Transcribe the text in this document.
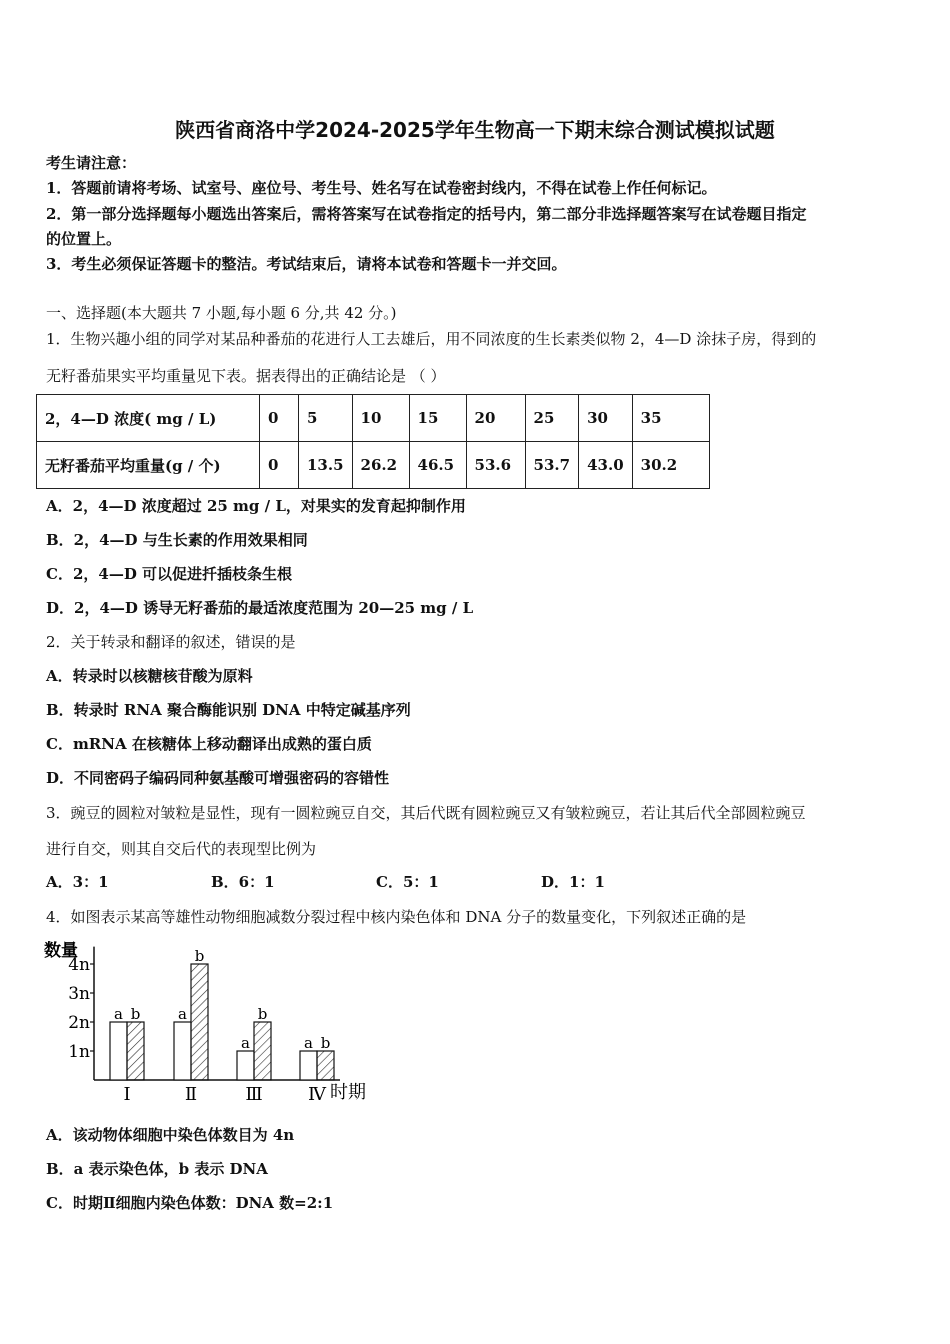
陕西省商洛中学2024-2025学年生物高一下期末综合测试模拟试题
考生请注意：
1．答题前请将考场、试室号、座位号、考生号、姓名写在试卷密封线内，不得在试卷上作任何标记。
2．第一部分选择题每小题选出答案后，需将答案写在试卷指定的括号内，第二部分非选择题答案写在试卷题目指定
的位置上。
3．考生必须保证答题卡的整洁。考试结束后，请将本试卷和答题卡一并交回。
一、选择题(本大题共 7 小题,每小题 6 分,共 42 分。)
1．生物兴趣小组的同学对某品种番茄的花进行人工去雄后，用不同浓度的生长素类似物 2，4—D 涂抹子房，得到的
无籽番茄果实平均重量见下表。据表得出的正确结论是 （ ）
2，4—D 浓度( mg / L)	0	5	10	15	20	25	30	35
无籽番茄平均重量(g / 个)	0	13.5	26.2	46.5	53.6	53.7	43.0	30.2
A．2，4—D 浓度超过 25 mg / L，对果实的发育起抑制作用
B．2，4—D 与生长素的作用效果相同
C．2，4—D 可以促进扦插枝条生根
D．2，4—D 诱导无籽番茄的最适浓度范围为 20—25 mg / L
2．关于转录和翻译的叙述，错误的是
A．转录时以核糖核苷酸为原料
B．转录时 RNA 聚合酶能识别 DNA 中特定碱基序列
C．mRNA 在核糖体上移动翻译出成熟的蛋白质
D．不同密码子编码同种氨基酸可增强密码的容错性
3．豌豆的圆粒对皱粒是显性，现有一圆粒豌豆自交，其后代既有圆粒豌豆又有皱粒豌豆，若让其后代全部圆粒豌豆
进行自交，则其自交后代的表现型比例为
A．3：1	B．6：1	C．5：1	D．1：1
4．如图表示某高等雄性动物细胞减数分裂过程中核内染色体和 DNA 分子的数量变化，下列叙述正确的是
数量
1n
2n
3n
4n
a b
Ⅰ
a
b
Ⅱ
a
b
Ⅲ
a b
Ⅳ 时期
A．该动物体细胞中染色体数目为 4n
B．a 表示染色体，b 表示 DNA
C．时期Ⅱ细胞内染色体数：DNA 数=2:1
